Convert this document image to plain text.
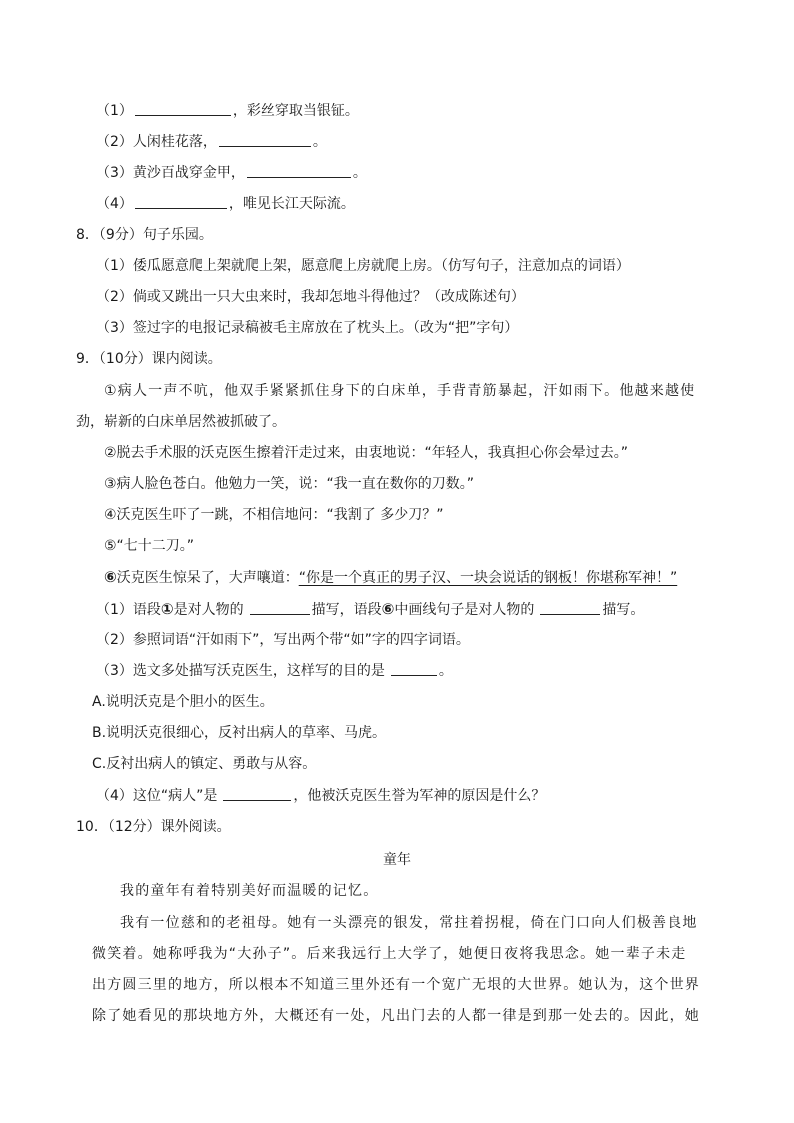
（1）	，彩丝穿取当银钲。
（2）人闲桂花落，	。
（3）黄沙百战穿金甲，	。
（4）	，唯见长江天际流。
8．（9分）句子乐园。
（1）倭瓜愿意爬上架就爬上架，愿意爬上房就爬上房。（仿写句子，注意加点的词语）
（2）倘或又跳出一只大虫来时，我却怎地斗得他过？（改成陈述句）
（3）签过字的电报记录稿被毛主席放在了枕头上。（改为“把”字句）
9．（10分）课内阅读。
①病人一声不吭，他双手紧紧抓住身下的白床单，手背青筋暴起，汗如雨下。他越来越使
劲，崭新的白床单居然被抓破了。
②脱去手术服的沃克医生擦着汗走过来，由衷地说：“年轻人，我真担心你会晕过去。”
③病人脸色苍白。他勉力一笑，说：“我一直在数你的刀数。”
④沃克医生吓了一跳，不相信地问：“我割了 多少刀？”
⑤“七十二刀。”
⑥沃克医生惊呆了，大声嚷道：“你是一个真正的男子汉、一块会说话的钢板！你堪称军神！”
（1）语段①是对人物的	描写，语段⑥中画线句子是对人物的	描写。
（2）参照词语“汗如雨下”，写出两个带“如”字的四字词语。
（3）选文多处描写沃克医生，这样写的目的是	。
A.说明沃克是个胆小的医生。
B.说明沃克很细心，反衬出病人的草率、马虎。
C.反衬出病人的镇定、勇敢与从容。
（4）这位“病人”是	，他被沃克医生誉为军神的原因是什么？
10．（12分）课外阅读。
童年
我的童年有着特别美好而温暖的记忆。
我有一位慈和的老祖母。她有一头漂亮的银发，常拄着拐棍，倚在门口向人们极善良地
微笑着。她称呼我为“大孙子”。后来我远行上大学了，她便日夜将我思念。她一辈子未走
出方圆三里的地方，所以根本不知道三里外还有一个宽广无垠的大世界。她认为，这个世界
除了她看见的那块地方外，大概还有一处，凡出门去的人都一律是到那一处去的。因此，她
